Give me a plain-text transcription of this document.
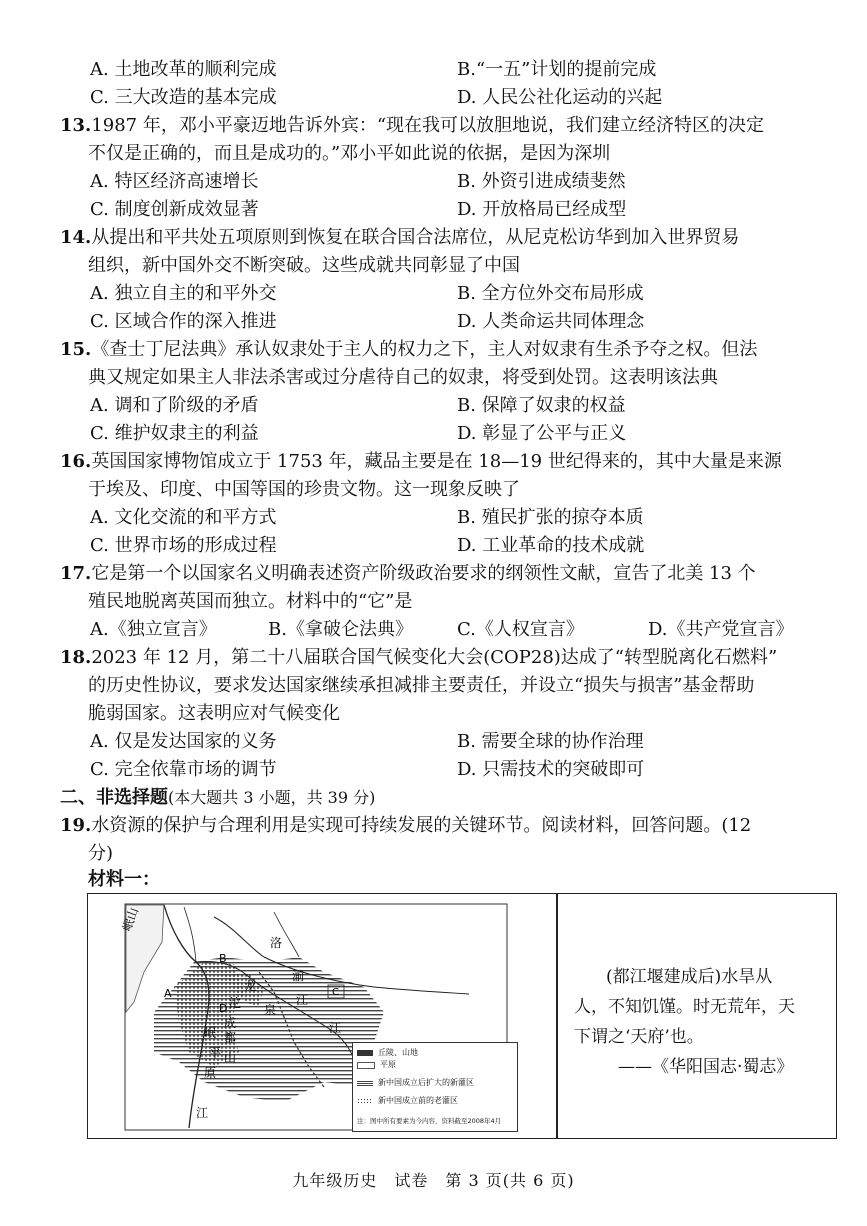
A. 土地改革的顺利完成	B.“一五”计划的提前完成
C. 三大改造的基本完成	D. 人民公社化运动的兴起
13.1987 年，邓小平豪迈地告诉外宾：“现在我可以放胆地说，我们建立经济特区的决定
不仅是正确的，而且是成功的。”邓小平如此说的依据，是因为深圳
A. 特区经济高速增长	B. 外资引进成绩斐然
C. 制度创新成效显著	D. 开放格局已经成型
14.从提出和平共处五项原则到恢复在联合国合法席位，从尼克松访华到加入世界贸易
组织，新中国外交不断突破。这些成就共同彰显了中国
A. 独立自主的和平外交	B. 全方位外交布局形成
C. 区域合作的深入推进	D. 人类命运共同体理念
15.《查士丁尼法典》承认奴隶处于主人的权力之下，主人对奴隶有生杀予夺之权。但法
典又规定如果主人非法杀害或过分虐待自己的奴隶，将受到处罚。这表明该法典
A. 调和了阶级的矛盾	B. 保障了奴隶的权益
C. 维护奴隶主的利益	D. 彰显了公平与正义
16.英国国家博物馆成立于 1753 年，藏品主要是在 18—19 世纪得来的，其中大量是来源
于埃及、印度、中国等国的珍贵文物。这一现象反映了
A. 文化交流的和平方式	B. 殖民扩张的掠夺本质
C. 世界市场的形成过程	D. 工业革命的技术成就
17.它是第一个以国家名义明确表述资产阶级政治要求的纲领性文献，宣告了北美 13 个
殖民地脱离英国而独立。材料中的“它”是
A.《独立宣言》	B.《拿破仑法典》 C.《人权宣言》	D.《共产党宣言》
18.2023 年 12 月，第二十八届联合国气候变化大会(COP28)达成了“转型脱离化石燃料”
的历史性协议，要求发达国家继续承担减排主要责任，并设立“损失与损害”基金帮助
脆弱国家。这表明应对气候变化
A. 仅是发达国家的义务	B. 需要全球的协作治理
C. 完全依靠市场的调节	D. 只需技术的突破即可
二、非选择题(本大题共 3 小题，共 39 分)
19.水资源的保护与合理利用是实现可持续发展的关键环节。阅读材料，回答问题。(12
分)
材料一：
A
B
C
D
岷山
洛
湔
龙
沱 泉
江
江
岷
成
都
平 山
原
江
丘陵、山地
平原
新中国成立后扩大的新灌区
新中国成立前的老灌区
注：图中所有要素为今内容，资料截至2008年4月
(都江堰建成后)水旱从
人，不知饥馑。时无荒年，天
下谓之‘天府’也。
——《华阳国志·蜀志》
九年级历史　试卷　第 3 页(共 6 页)
